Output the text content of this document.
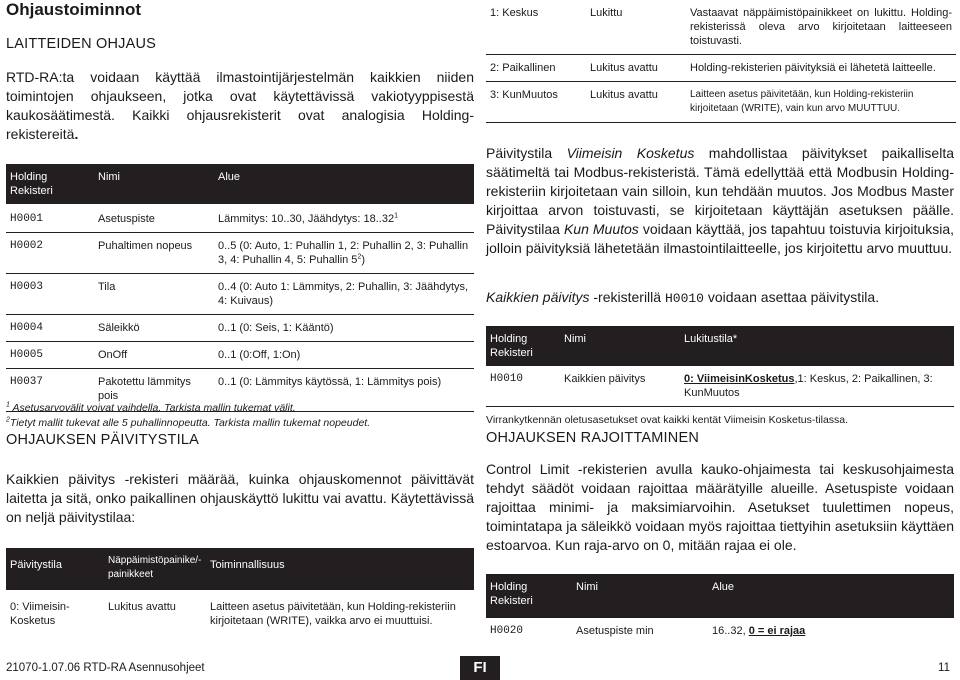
Ohjaustoiminnot
LAITTEIDEN OHJAUS
RTD-RA:ta voidaan käyttää ilmastointijärjestelmän kaikkien niiden toimintojen ohjaukseen, jotka ovat käytettävissä vakiotyyppisestä kaukosäätimestä. Kaikki ohjausrekisterit ovat analogisia Holding-rekistereitä.
Holding Rekisteri	Nimi	Alue
H0001	Asetuspiste	Lämmitys: 10..30, Jäähdytys: 18..32$^1$
H0002	Puhaltimen nopeus	0..5 (0: Auto, 1: Puhallin 1, 2: Puhallin 2, 3: Puhallin 3, 4: Puhallin 4, 5: Puhallin $5^2$)
H0003	Tila	0..4 (0: Auto 1: Lämmitys, 2: Puhallin, 3: Jäähdytys, 4: Kuivaus)
H0004	Säleikkö	0..1 (0: Seis, 1: Kääntö)
H0005	OnOff	0..1 (0:Off, 1:On)
H0037	Pakotettu lämmitys pois	0..1 (0: Lämmitys käytössä, 1: Lämmitys pois)
$^1$ Asetusarvovälit voivat vaihdella. Tarkista mallin tukemat välit.
$^2$Tietyt mallit tukevat alle 5 puhallinnopeutta. Tarkista mallin tukemat nopeudet.
OHJAUKSEN PÄIVITYSTILA
Kaikkien päivitys -rekisteri määrää, kuinka ohjauskomennot päivittävät laitetta ja sitä, onko paikallinen ohjauskäyttö lukittu vai avattu. Käytettävissä on neljä päivitystilaa:
Päivitystila	Näppäimistöpainike/-painikkeet	Toiminnallisuus
0: Viimeisin-Kosketus	Lukitus avattu	Laitteen asetus päivitetään, kun Holding-rekisteriin kirjoitetaan (WRITE), vaikka arvo ei muuttuisi.
1: Keskus	Lukittu	Vastaavat näppäimistöpainikkeet on lukittu. Holding-rekisterissä oleva arvo kirjoitetaan laitteeseen toistuvasti.
2: Paikallinen	Lukitus avattu	Holding-rekisterien päivityksiä ei lähetetä laitteelle.
3: KunMuutos	Lukitus avattu	Laitteen asetus päivitetään, kun Holding-rekisteriin kirjoitetaan (WRITE), vain kun arvo MUUTTUU.
Päivitystila Viimeisin Kosketus mahdollistaa päivitykset paikalliselta säätimeltä tai Modbus-rekisteristä. Tämä edellyttää että Modbusin Holding-rekisteriin kirjoitetaan vain silloin, kun tehdään muutos. Jos Modbus Master kirjoittaa arvon toistuvasti, se kirjoitetaan käyttäjän asetuksen päälle. Päivitystilaa Kun Muutos voidaan käyttää, jos tapahtuu toistuvia kirjoituksia, jolloin päivityksiä lähetetään ilmastointilaitteelle, jos kirjoitettu arvo muuttuu.
Kaikkien päivitys -rekisterillä H0010 voidaan asettaa päivitystila.
Holding Rekisteri	Nimi	Lukitustila*
H0010	Kaikkien päivitys	0: ViimeisinKosketus,1: Keskus, 2: Paikallinen, 3: KunMuutos
Virrankytkennän oletusasetukset ovat kaikki kentät Viimeisin Kosketus-tilassa.
OHJAUKSEN RAJOITTAMINEN
Control Limit -rekisterien avulla kauko-ohjaimesta tai keskusohjaimesta tehdyt säädöt voidaan rajoittaa määrätyille alueille. Asetuspiste voidaan rajoittaa minimi- ja maksimiarvoihin. Asetukset tuulettimen nopeus, toimintatapa ja säleikkö voidaan myös rajoittaa tiettyihin asetuksiin käyttäen estoarvoa. Kun raja-arvo on 0, mitään rajaa ei ole.
Holding Rekisteri	Nimi	Alue
H0020	Asetuspiste min	16..32, 0 = ei rajaa
21070-1.07.06 RTD-RA Asennusohjeet	FI	11
